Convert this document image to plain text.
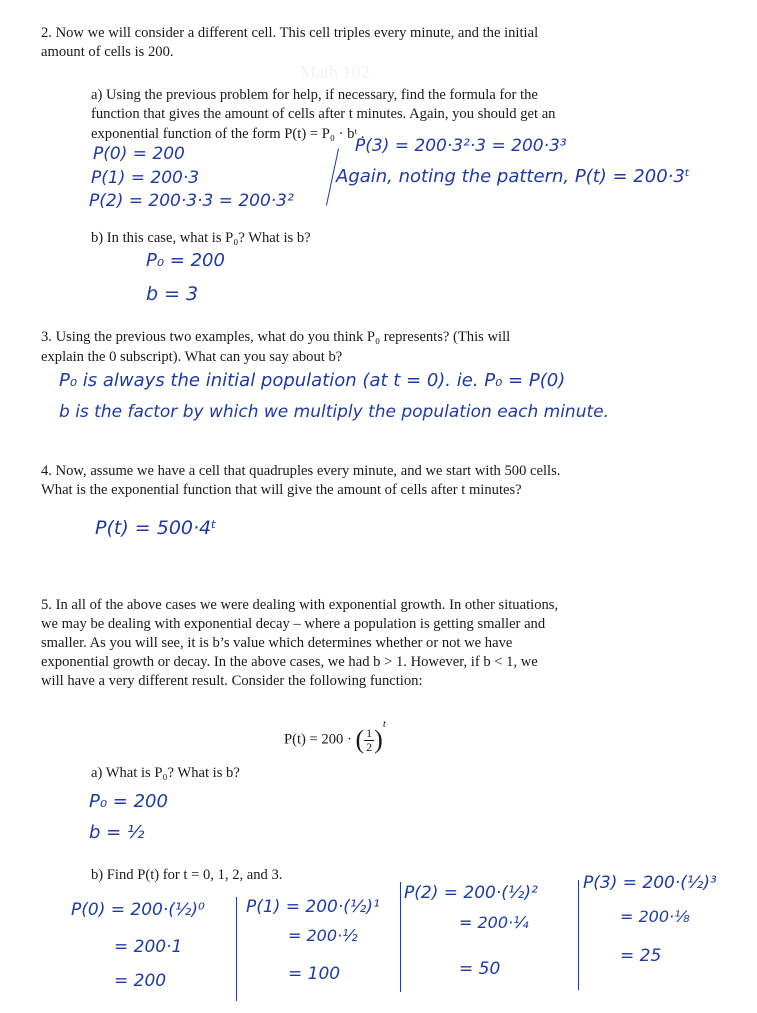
Math 102

2. Now we will consider a different cell. This cell triples every minute, and the initial

amount of cells is 200.

a) Using the previous problem for help, if necessary, find the formula for the

function that gives the amount of cells after t minutes. Again, you should get an

exponential function of the form P(t) = P₀ · bᵗ .

P(0) = 200
P(1) = 200·3
P(2) = 200·3·3 = 200·3²
P(3) = 200·3²·3 = 200·3³
Again, noting the pattern, P(t) = 200·3ᵗ

b) In this case, what is P₀? What is b?

P₀ = 200
b = 3

3. Using the previous two examples, what do you think P₀ represents? (This will

explain the 0 subscript). What can you say about b?

P₀ is always the initial population (at t = 0). ie. P₀ = P(0)
b is the factor by which we multiply the population each minute.

4. Now, assume we have a cell that quadruples every minute, and we start with 500 cells.

What is the exponential function that will give the amount of cells after t minutes?

P(t) = 500·4ᵗ

5. In all of the above cases we were dealing with exponential growth. In other situations,

we may be dealing with exponential decay – where a population is getting smaller and

smaller. As you will see, it is b’s value which determines whether or not we have

exponential growth or decay. In the above cases, we had b > 1. However, if b < 1, we

will have a very different result. Consider the following function:

P(t) = 200 · ( $\frac{1}{2} )^t$

a) What is P₀? What is b?

P₀ = 200
b = ½

b) Find P(t) for t = 0, 1, 2, and 3.

P(0) = 200·(½)⁰
= 200·1
= 200
P(1) = 200·(½)¹
= 200·½
= 100
P(2) = 200·(½)²
= 200·¼
= 50
P(3) = 200·(½)³
= 200·⅛
= 25
